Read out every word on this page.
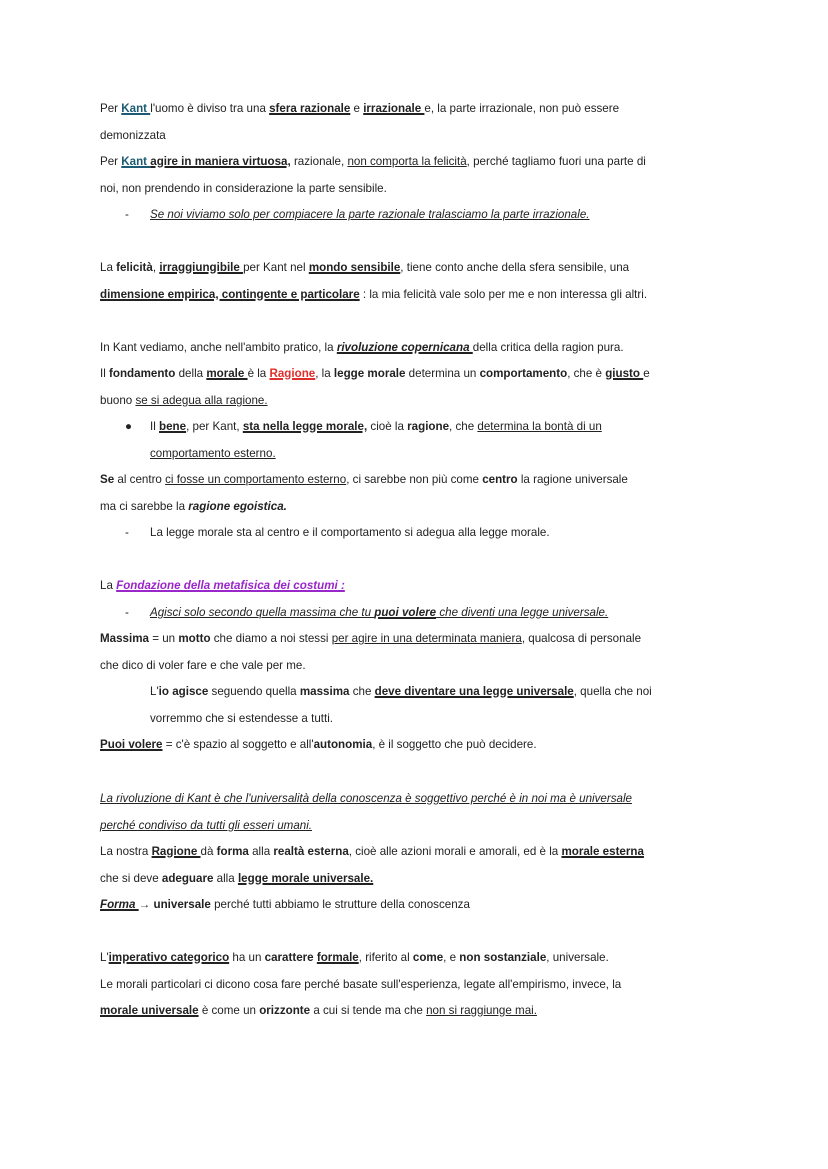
Per Kant l'uomo è diviso tra una sfera razionale e irrazionale e, la parte irrazionale, non può essere
demonizzata
Per Kant agire in maniera virtuosa, razionale, non comporta la felicità, perché tagliamo fuori una parte di
noi, non prendendo in considerazione la parte sensibile.
- Se noi viviamo solo per compiacere la parte razionale tralasciamo la parte irrazionale.
La felicità, irraggiungibile per Kant nel mondo sensibile, tiene conto anche della sfera sensibile, una
dimensione empirica, contingente e particolare : la mia felicità vale solo per me e non interessa gli altri.
In Kant vediamo, anche nell'ambito pratico, la rivoluzione copernicana della critica della ragion pura.
Il fondamento della morale è la Ragione, la legge morale determina un comportamento, che è giusto e
buono se si adegua alla ragione.
● Il bene, per Kant, sta nella legge morale, cioè la ragione, che determina la bontà di un
comportamento esterno.
Se al centro ci fosse un comportamento esterno, ci sarebbe non più come centro la ragione universale
ma ci sarebbe la ragione egoistica.
- La legge morale sta al centro e il comportamento si adegua alla legge morale.
La Fondazione della metafisica dei costumi :
- Agisci solo secondo quella massima che tu puoi volere che diventi una legge universale.
Massima = un motto che diamo a noi stessi per agire in una determinata maniera, qualcosa di personale
che dico di voler fare e che vale per me.
L'io agisce seguendo quella massima che deve diventare una legge universale, quella che noi
vorremmo che si estendesse a tutti.
Puoi volere = c'è spazio al soggetto e all'autonomia, è il soggetto che può decidere.
La rivoluzione di Kant è che l'universalità della conoscenza è soggettivo perché è in noi ma è universale
perché condiviso da tutti gli esseri umani.
La nostra Ragione dà forma alla realtà esterna, cioè alle azioni morali e amorali, ed è la morale esterna
che si deve adeguare alla legge morale universale.
Forma → universale perché tutti abbiamo le strutture della conoscenza
L'imperativo categorico ha un carattere formale, riferito al come, e non sostanziale, universale.
Le morali particolari ci dicono cosa fare perché basate sull'esperienza, legate all'empirismo, invece, la
morale universale è come un orizzonte a cui si tende ma che non si raggiunge mai.
